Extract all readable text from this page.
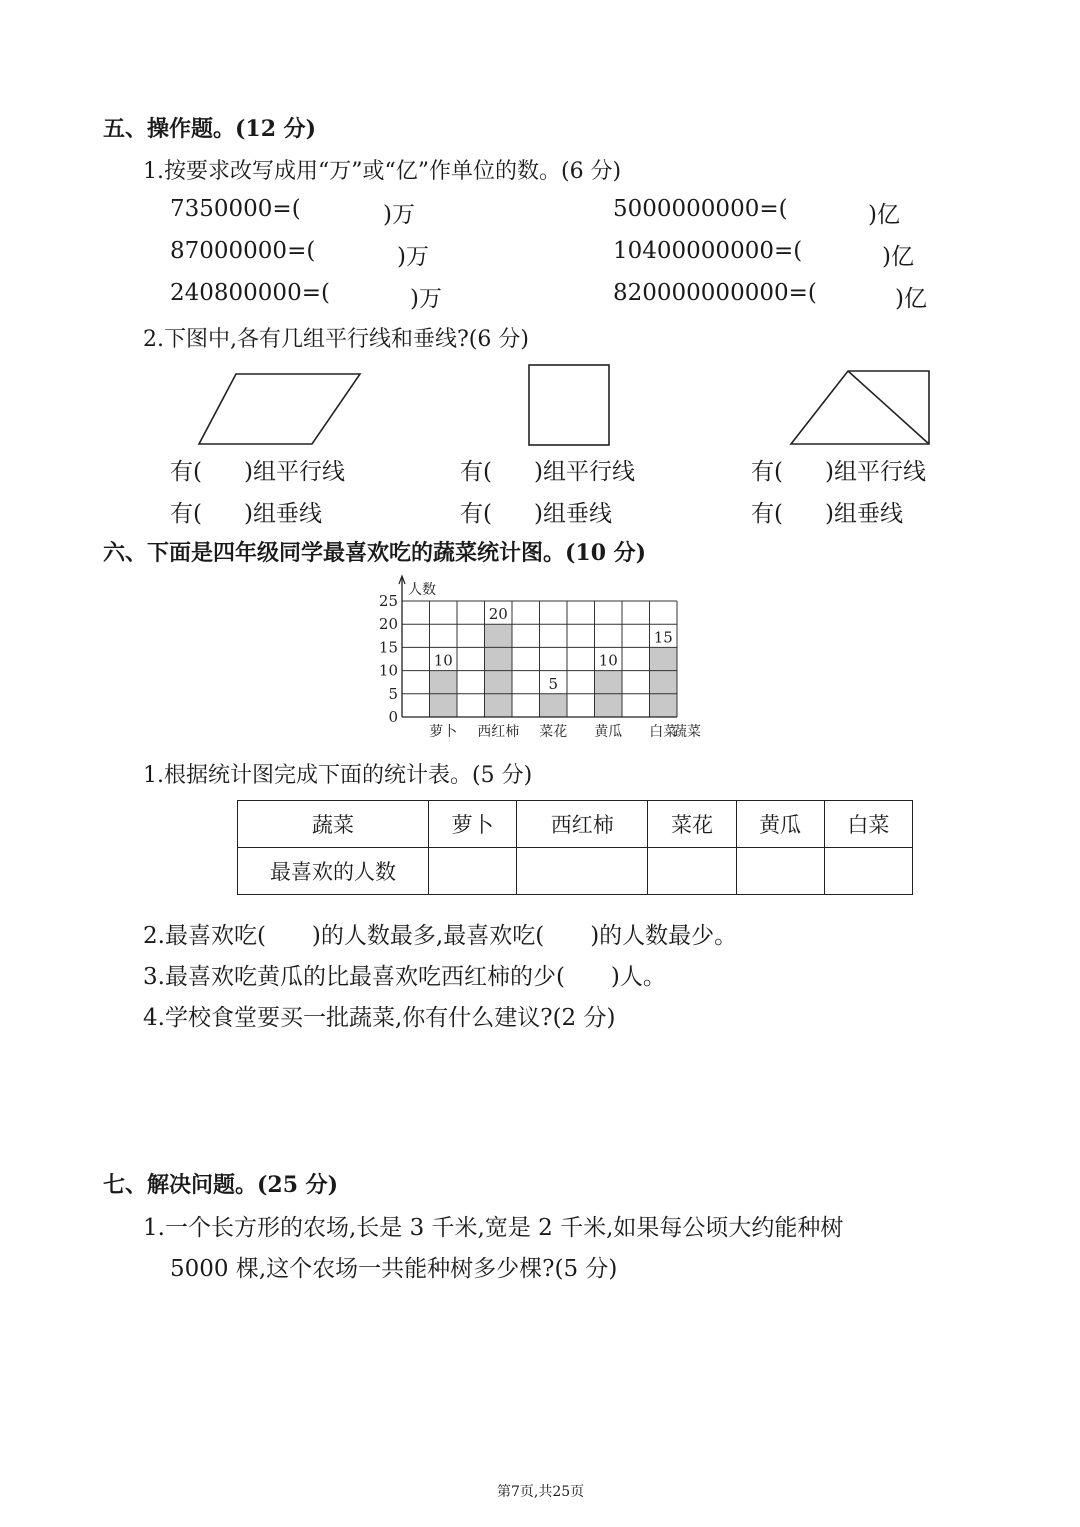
五、操作题。(12 分)
1.按要求改写成用“万”或“亿”作单位的数。(6 分)
7350000=(	)万
87000000=(	)万
240800000=(	)万
5000000000=(	)亿
10400000000=(	)亿
820000000000=(	)亿
2.下图中,各有几组平行线和垂线?(6 分)
有( )组平行线	有( )组平行线	有( )组平行线
有( )组垂线	有( )组垂线	有( )组垂线
六、下面是四年级同学最喜欢吃的蔬菜统计图。(10 分)
0
5
10
15
20
25
人数
10
20
5
10
15
萝卜 西红柿 菜花 黄瓜 白菜
蔬菜
1.根据统计图完成下面的统计表。(5 分)
蔬菜	萝卜	西红柿	菜花	黄瓜	白菜
最喜欢的人数					
2.最喜欢吃( )的人数最多,最喜欢吃( )的人数最少。
3.最喜欢吃黄瓜的比最喜欢吃西红柿的少( )人。
4.学校食堂要买一批蔬菜,你有什么建议?(2 分)
七、解决问题。(25 分)
1.一个长方形的农场,长是 3 千米,宽是 2 千米,如果每公顷大约能种树
5000 棵,这个农场一共能种树多少棵?(5 分)
第7页,共25页
